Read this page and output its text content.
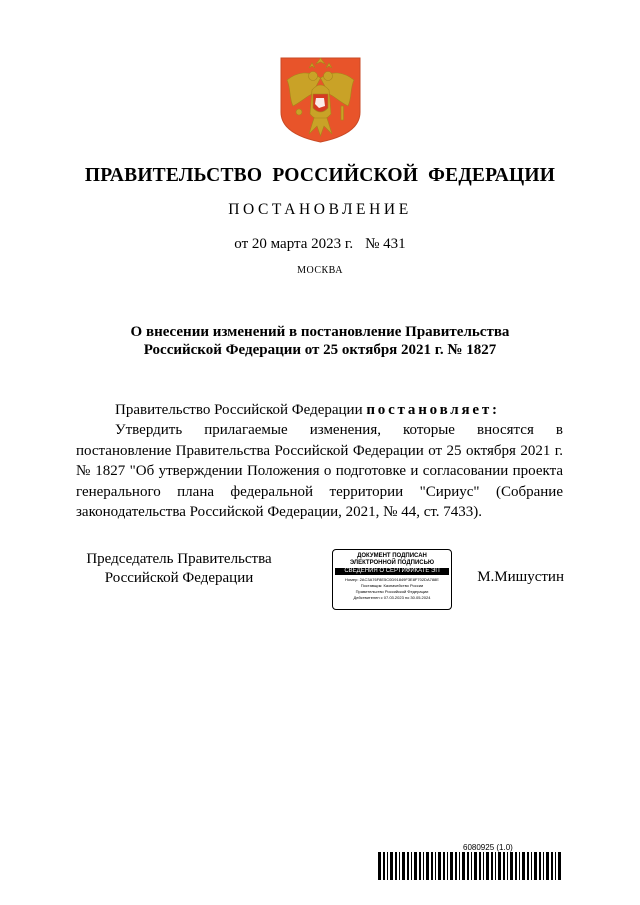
ПРАВИТЕЛЬСТВО РОССИЙСКОЙ ФЕДЕРАЦИИ
ПОСТАНОВЛЕНИЕ
от 20 марта 2023 г. № 431
МОСКВА
О внесении изменений в постановление Правительства
Российской Федерации от 25 октября 2021 г. № 1827

Правительство Российской Федерации постановляет:

Утвердить прилагаемые изменения, которые вносятся в постановление Правительства Российской Федерации от 25 октября 2021 г. № 1827 "Об утверждении Положения о подготовке и согласовании проекта генерального плана федеральной территории "Сириус" (Собрание законодательства Российской Федерации, 2021, № 44, ст. 7433).

Председатель Правительства
Российской Федерации
ДОКУМЕНТ ПОДПИСАН
ЭЛЕКТРОННОЙ ПОДПИСЬЮ
СВЕДЕНИЯ О СЕРТИФИКАТЕ ЭП
Номер: 2AC3A76F8E5C0D91849F3E8F702DA788E
Поставщик: Казначейство России
Правительство Российской Федерации
Действителен с 07.03.2023 по 30.05.2024
М.Мишустин
6080925 (1.0)
